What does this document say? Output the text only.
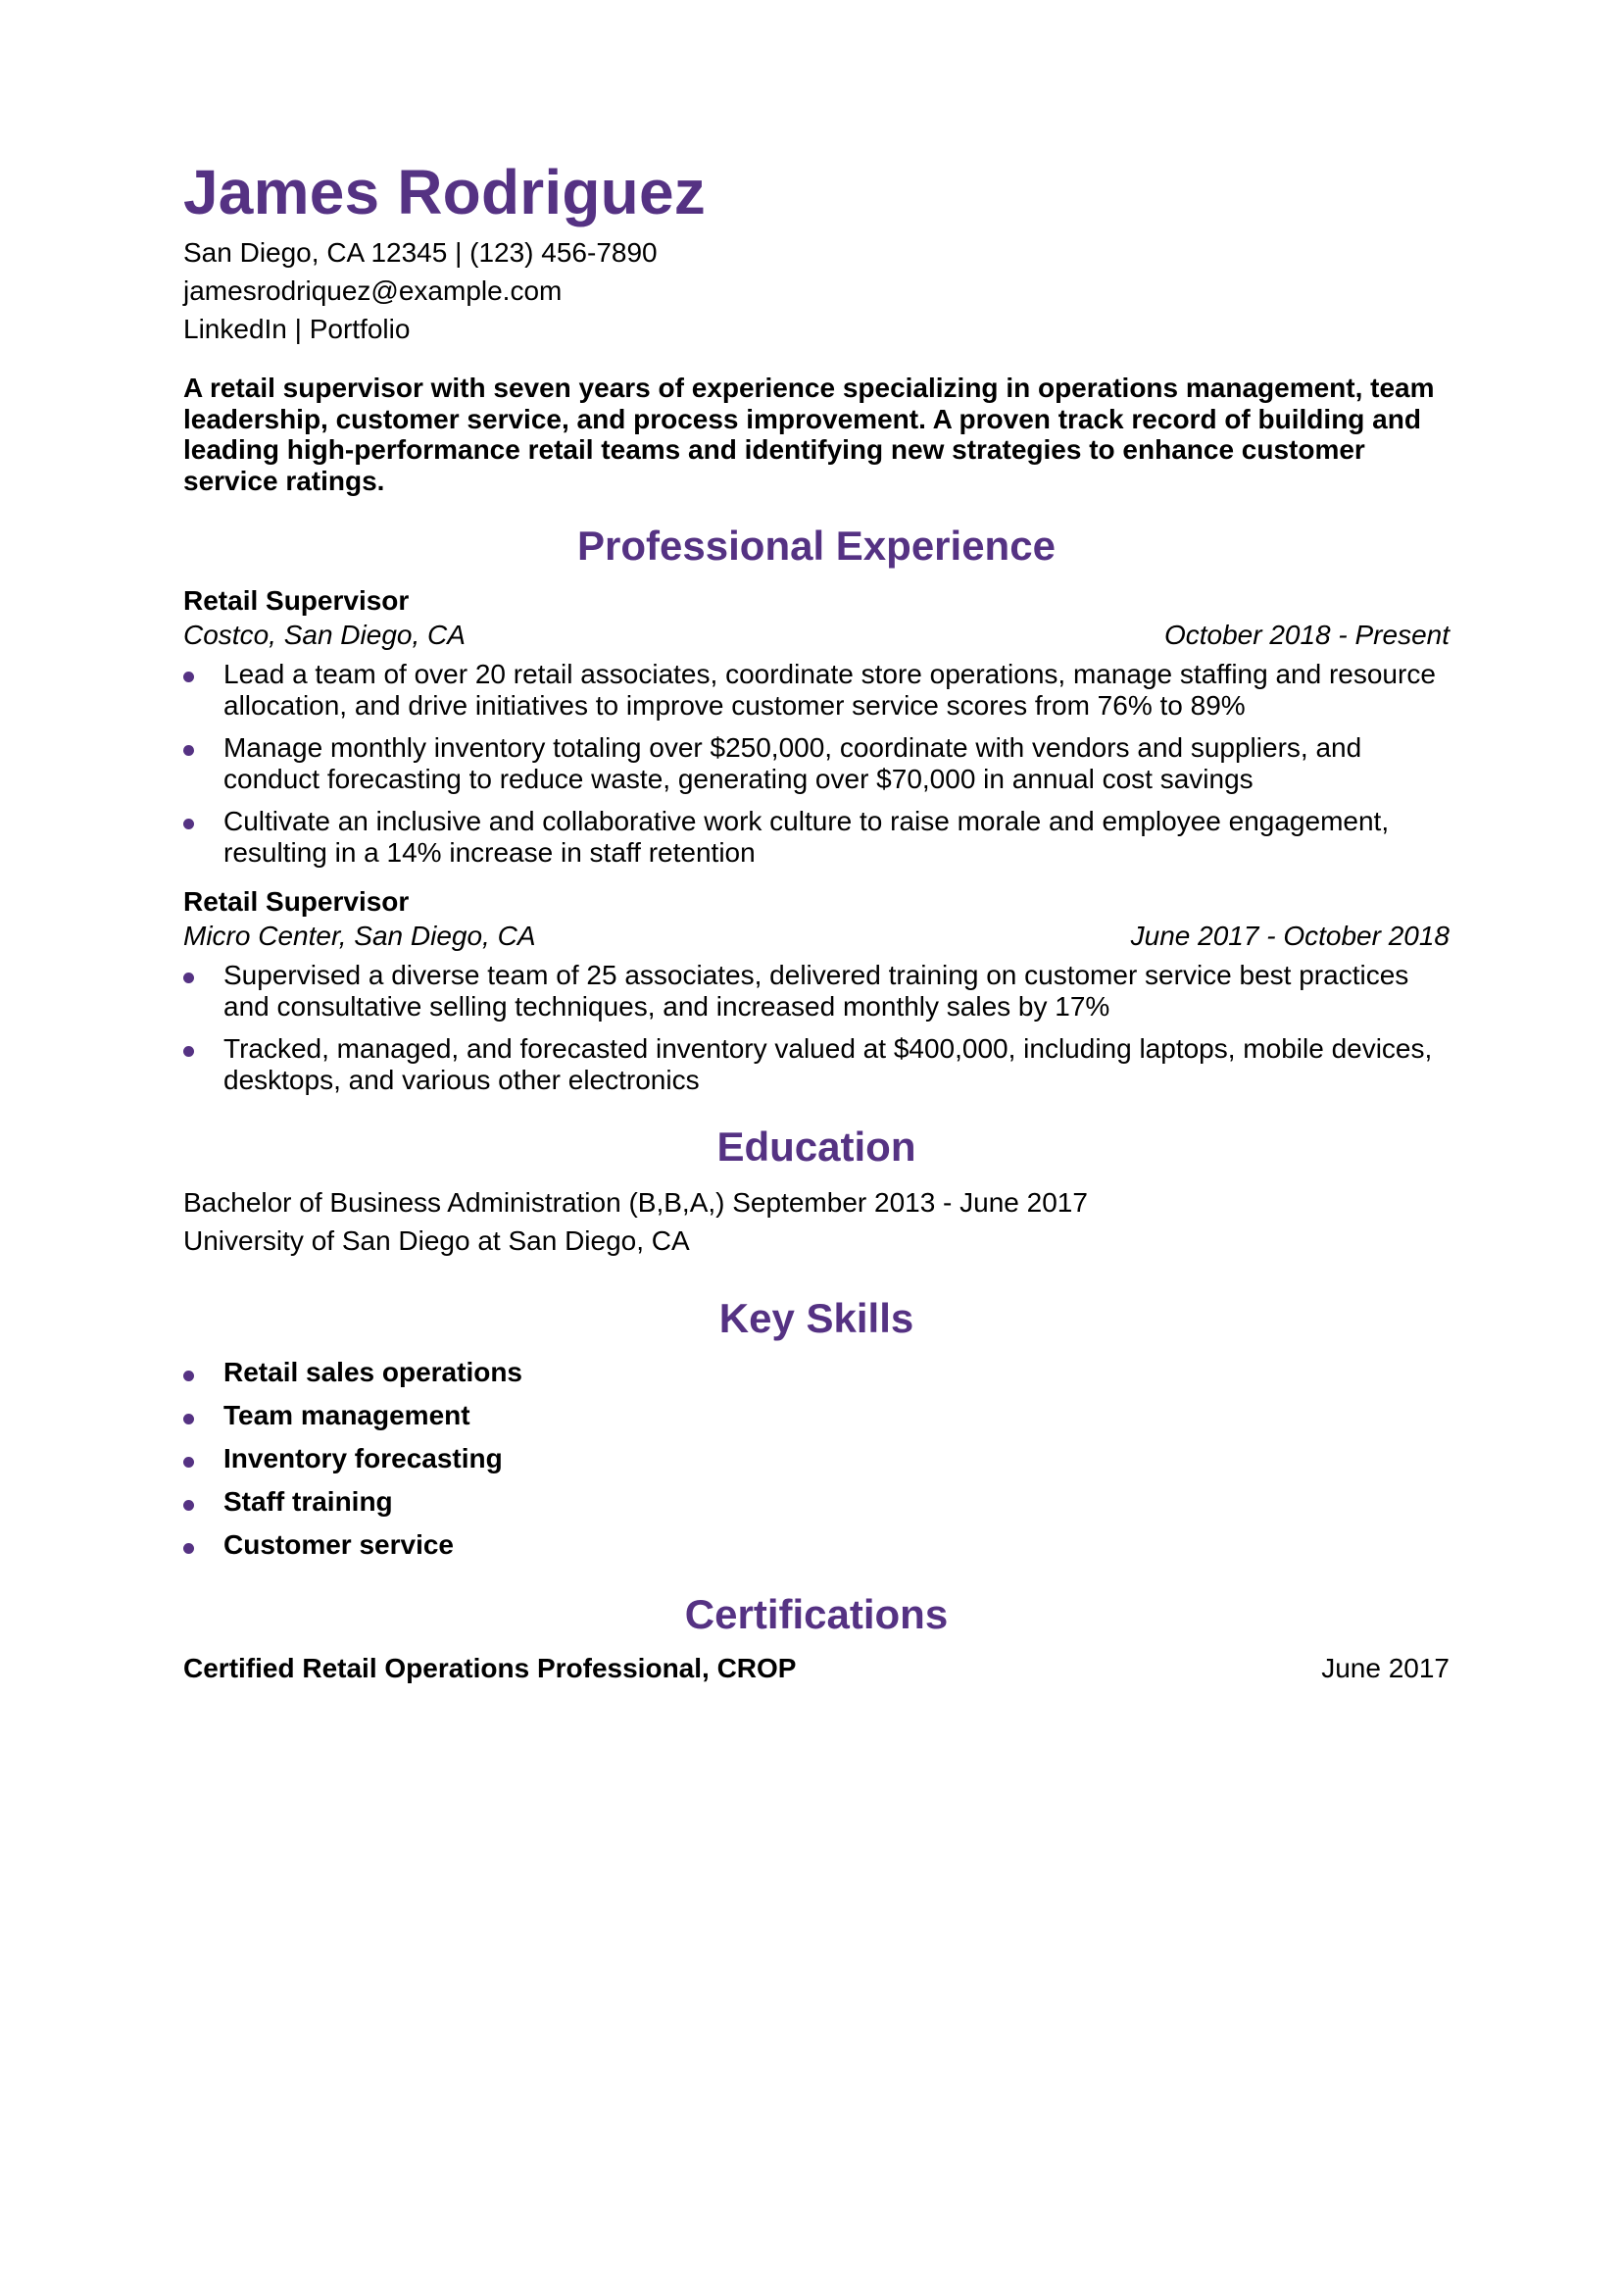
James Rodriguez

San Diego, CA 12345 | (123) 456-7890

jamesrodriquez@example.com

LinkedIn | Portfolio

A retail supervisor with seven years of experience specializing in operations management, team leadership, customer service, and process improvement. A proven track record of building and leading high-performance retail teams and identifying new strategies to enhance customer service ratings.
Professional Experience

Retail Supervisor

Costco, San Diego, CA	October 2018 - Present
Lead a team of over 20 retail associates, coordinate store operations, manage staffing and resource allocation, and drive initiatives to improve customer service scores from 76% to 89%
Manage monthly inventory totaling over $250,000, coordinate with vendors and suppliers, and conduct forecasting to reduce waste, generating over $70,000 in annual cost savings
Cultivate an inclusive and collaborative work culture to raise morale and employee engagement, resulting in a 14% increase in staff retention

Retail Supervisor

Micro Center, San Diego, CA	June 2017 - October 2018
Supervised a diverse team of 25 associates, delivered training on customer service best practices and consultative selling techniques, and increased monthly sales by 17%
Tracked, managed, and forecasted inventory valued at $400,000, including laptops, mobile devices, desktops, and various other electronics
Education

Bachelor of Business Administration (B,B,A,) September 2013 - June 2017

University of San Diego at San Diego, CA

Key Skills
Retail sales operations
Team management
Inventory forecasting
Staff training
Customer service
Certifications
Certified Retail Operations Professional, CROP	June 2017
